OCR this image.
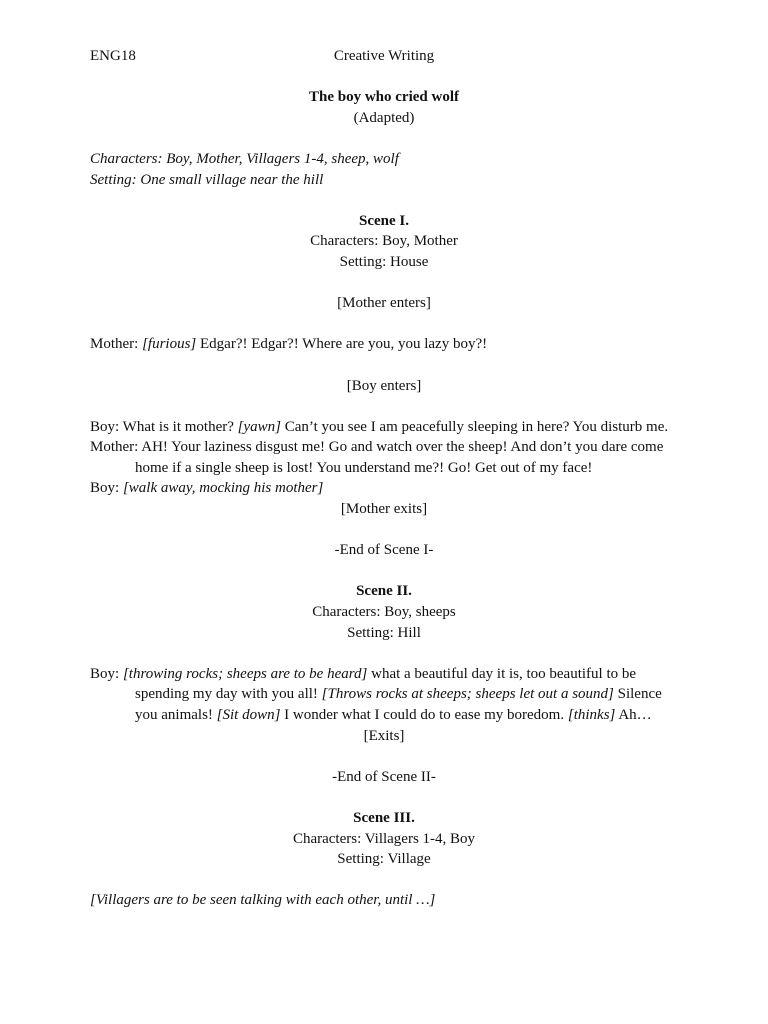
ENG18	Creative Writing
The boy who cried wolf
(Adapted)
Characters: Boy, Mother, Villagers 1-4, sheep, wolf
Setting: One small village near the hill
Scene I.
Characters: Boy, Mother
Setting: House
[Mother enters]
Mother: [furious] Edgar?! Edgar?! Where are you, you lazy boy?!
[Boy enters]
Boy: What is it mother? [yawn] Can’t you see I am peacefully sleeping in here? You disturb me.
Mother: AH! Your laziness disgust me! Go and watch over the sheep! And don’t you dare come
home if a single sheep is lost! You understand me?! Go! Get out of my face!
Boy: [walk away, mocking his mother]
[Mother exits]
-End of Scene I-
Scene II.
Characters: Boy, sheeps
Setting: Hill
Boy: [throwing rocks; sheeps are to be heard] what a beautiful day it is, too beautiful to be
spending my day with you all! [Throws rocks at sheeps; sheeps let out a sound] Silence
you animals! [Sit down] I wonder what I could do to ease my boredom. [thinks] Ah…
[Exits]
-End of Scene II-
Scene III.
Characters: Villagers 1-4, Boy
Setting: Village
[Villagers are to be seen talking with each other, until …]
